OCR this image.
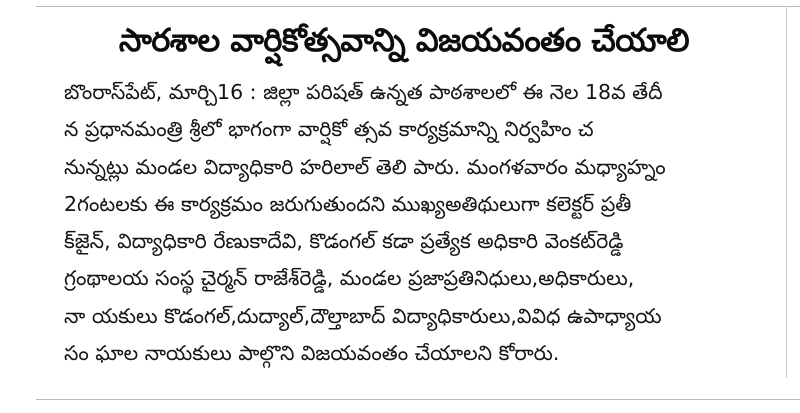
సారశాల వార్షికోత్సవాన్ని విజయవంతం చేయాలి
బొంరాస్‌పేట్, మార్చి16 : జిల్లా పరిషత్ ఉన్నత పాఠశాలలో ఈ నెల 18వ తేదీ
న ప్రధానమంత్రి శ్రీలో భాగంగా వార్షికో త్సవ కార్యక్రమాన్ని నిర్వహిం చ
నున్నట్లు మండల విద్యాధికారి హరిలాల్ తెలి పారు. మంగళవారం మధ్యాహ్నం
2గంటలకు ఈ కార్యక్రమం జరుగుతుందని ముఖ్యఅతిథులుగా కలెక్టర్ ప్రతీ
క్‌జైన్, విద్యాధికారి రేణుకాదేవి, కొడంగల్ కడా ప్రత్యేక అధికారి వెంకట్‌రెడ్డి
గ్రంథాలయ సంస్థ చైర్మన్ రాజేశ్‌రెడ్డి, మండల ప్రజాప్రతినిధులు,అధికారులు,
నా యకులు కొడంగల్,దుద్యాల్,దౌల్తాబాద్ విద్యాధికారులు,వివిధ ఉపాధ్యాయ
సం ఘాల నాయకులు పాల్గొని విజయవంతం చేయాలని కోరారు.
